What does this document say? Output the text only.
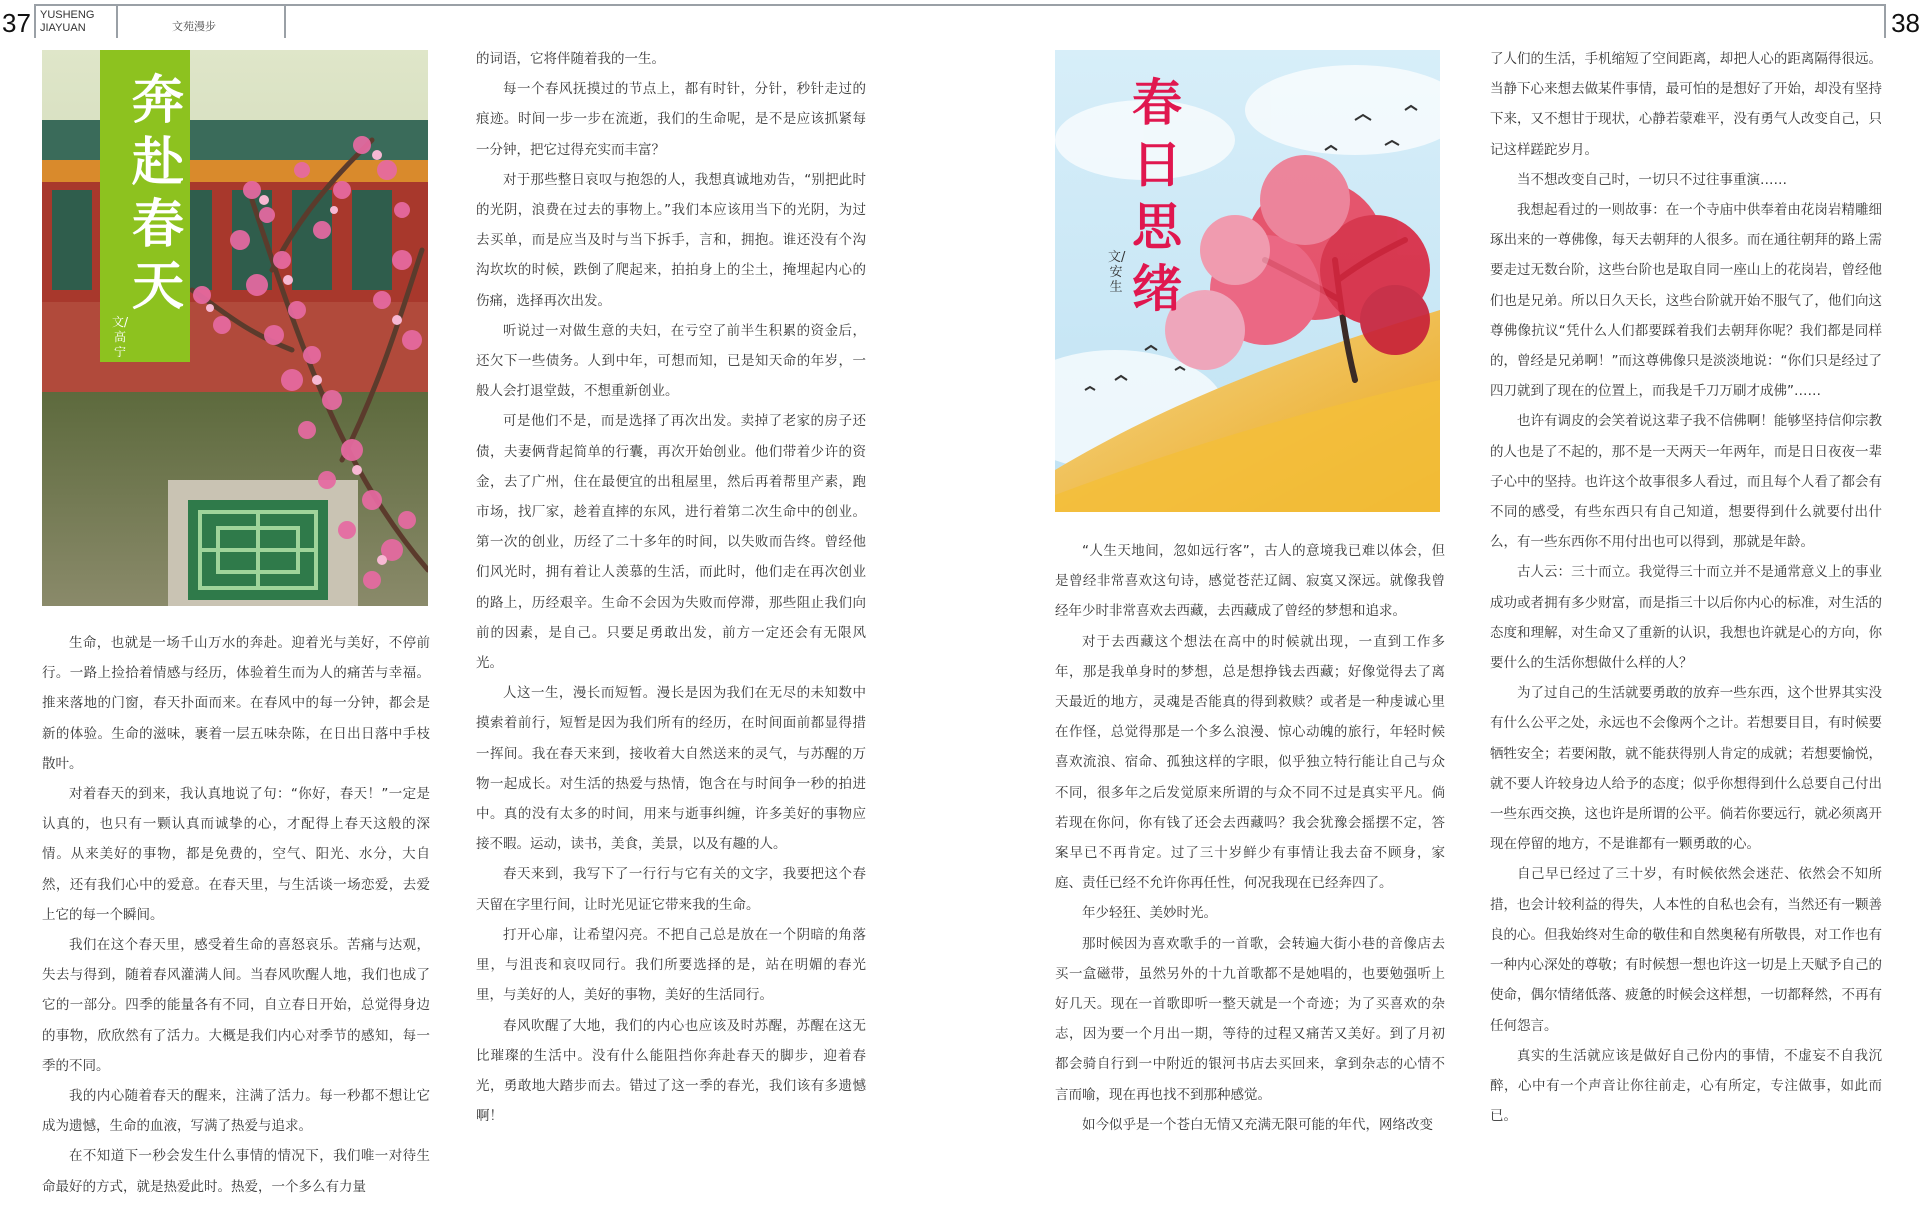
37 YUSHENG
JIAYUAN	文苑漫步	38
奔
赴
春
天
文/高宁

生命，也就是一场千山万水的奔赴。迎着光与美好，不停前行。一路上捡拾着情感与经历，体验着生而为人的痛苦与幸福。推来落地的门窗，春天扑面而来。在春风中的每一分钟，都会是新的体验。生命的滋味，裹着一层五味杂陈，在日出日落中手枝散叶。

对着春天的到来，我认真地说了句：“你好，春天！”一定是认真的，也只有一颗认真而诚挚的心，才配得上春天这般的深情。从来美好的事物，都是免费的，空气、阳光、水分，大自然，还有我们心中的爱意。在春天里，与生活谈一场恋爱，去爱上它的每一个瞬间。

我们在这个春天里，感受着生命的喜怒哀乐。苦痛与达观，失去与得到，随着春风灌满人间。当春风吹醒人地，我们也成了它的一部分。四季的能量各有不同，自立春日开始，总觉得身边的事物，欣欣然有了活力。大概是我们内心对季节的感知，每一季的不同。

我的内心随着春天的醒来，注满了活力。每一秒都不想让它成为遗憾，生命的血液，写满了热爱与追求。

在不知道下一秒会发生什么事情的情况下，我们唯一对待生命最好的方式，就是热爱此时。热爱，一个多么有力量

的词语，它将伴随着我的一生。

每一个春风抚摸过的节点上，都有时针，分针，秒针走过的痕迹。时间一步一步在流逝，我们的生命呢，是不是应该抓紧每一分钟，把它过得充实而丰富？

对于那些整日哀叹与抱怨的人，我想真诚地劝告，“别把此时的光阴，浪费在过去的事物上。”我们本应该用当下的光阴，为过去买单，而是应当及时与当下拆手，言和，拥抱。谁还没有个沟沟坎坎的时候，跌倒了爬起来，拍拍身上的尘土，掩埋起内心的伤痛，选择再次出发。

听说过一对做生意的夫妇，在亏空了前半生积累的资金后，还欠下一些债务。人到中年，可想而知，已是知天命的年岁，一般人会打退堂鼓，不想重新创业。

可是他们不是，而是选择了再次出发。卖掉了老家的房子还债，夫妻俩背起简单的行囊，再次开始创业。他们带着少许的资金，去了广州，住在最便宜的出租屋里，然后再着帮里产素，跑市场，找厂家，趁着直摔的东风，进行着第二次生命中的创业。第一次的创业，历经了二十多年的时间，以失败而告终。曾经他们风光时，拥有着让人羡慕的生活，而此时，他们走在再次创业的路上，历经艰辛。生命不会因为失败而停滞，那些阻止我们向前的因素，是自己。只要足勇敢出发，前方一定还会有无限风光。

人这一生，漫长而短暂。漫长是因为我们在无尽的未知数中摸索着前行，短暂是因为我们所有的经历，在时间面前都显得措一挥间。我在春天来到，接收着大自然送来的灵气，与苏醒的万物一起成长。对生活的热爱与热情，饱含在与时间争一秒的拍进中。真的没有太多的时间，用来与逝事纠缠，许多美好的事物应接不暇。运动，读书，美食，美景，以及有趣的人。

春天来到，我写下了一行行与它有关的文字，我要把这个春天留在字里行间，让时光见证它带来我的生命。

打开心扉，让希望闪亮。不把自己总是放在一个阴暗的角落里，与沮丧和哀叹同行。我们所要选择的是，站在明媚的春光里，与美好的人，美好的事物，美好的生活同行。

春风吹醒了大地，我们的内心也应该及时苏醒，苏醒在这无比璀璨的生活中。没有什么能阻挡你奔赴春天的脚步，迎着春光，勇敢地大踏步而去。错过了这一季的春光，我们该有多遗憾啊！

春
日
思
绪
文/安生

“人生天地间，忽如远行客”，古人的意境我已难以体会，但是曾经非常喜欢这句诗，感觉苍茫辽阔、寂寞又深远。就像我曾经年少时非常喜欢去西藏，去西藏成了曾经的梦想和追求。

对于去西藏这个想法在高中的时候就出现，一直到工作多年，那是我单身时的梦想，总是想挣钱去西藏；好像觉得去了离天最近的地方，灵魂是否能真的得到救赎？或者是一种虔诚心里在作怪，总觉得那是一个多么浪漫、惊心动魄的旅行，年轻时候喜欢流浪、宿命、孤独这样的字眼，似乎独立特行能让自己与众不同，很多年之后发觉原来所谓的与众不同不过是真实平凡。倘若现在你问，你有钱了还会去西藏吗？我会犹豫会摇摆不定，答案早已不再肯定。过了三十岁鲜少有事情让我去奋不顾身，家庭、责任已经不允许你再任性，何况我现在已经奔四了。

年少轻狂、美妙时光。

那时候因为喜欢歌手的一首歌，会转遍大街小巷的音像店去买一盒磁带，虽然另外的十九首歌都不是她唱的，也要勉强听上好几天。现在一首歌即听一整天就是一个奇迹；为了买喜欢的杂志，因为要一个月出一期，等待的过程又痛苦又美好。到了月初都会骑自行到一中附近的银河书店去买回来，拿到杂志的心情不言而喻，现在再也找不到那种感觉。

如今似乎是一个苍白无情又充满无限可能的年代，网络改变

了人们的生活，手机缩短了空间距离，却把人心的距离隔得很远。当静下心来想去做某件事情，最可怕的是想好了开始，却没有坚持下来，又不想甘于现状，心静若蒙难平，没有勇气人改变自己，只记这样蹉跎岁月。

当不想改变自己时，一切只不过往事重演……

我想起看过的一则故事：在一个寺庙中供奉着由花岗岩精雕细琢出来的一尊佛像，每天去朝拜的人很多。而在通往朝拜的路上需要走过无数台阶，这些台阶也是取自同一座山上的花岗岩，曾经他们也是兄弟。所以日久天长，这些台阶就开始不服气了，他们向这尊佛像抗议“凭什么人们都要踩着我们去朝拜你呢？我们都是同样的，曾经是兄弟啊！”而这尊佛像只是淡淡地说：“你们只是经过了四刀就到了现在的位置上，而我是千刀万刷才成佛”……

也许有调皮的会笑着说这辈子我不信佛啊！能够坚持信仰宗教的人也是了不起的，那不是一天两天一年两年，而是日日夜夜一辈子心中的坚持。也许这个故事很多人看过，而且每个人看了都会有不同的感受，有些东西只有自己知道，想要得到什么就要付出什么，有一些东西你不用付出也可以得到，那就是年龄。

古人云：三十而立。我觉得三十而立并不是通常意义上的事业成功或者拥有多少财富，而是指三十以后你内心的标准，对生活的态度和理解，对生命又了重新的认识，我想也许就是心的方向，你要什么的生活你想做什么样的人？

为了过自己的生活就要勇敢的放弃一些东西，这个世界其实没有什么公平之处，永远也不会像两个之计。若想要目目，有时候要牺牲安全；若要闲散，就不能获得别人肯定的成就；若想要愉悦，就不要人许较身边人给予的态度；似乎你想得到什么总要自己付出一些东西交换，这也许是所谓的公平。倘若你要远行，就必须离开现在停留的地方，不是谁都有一颗勇敢的心。

自己早已经过了三十岁，有时候依然会迷茫、依然会不知所措，也会计较利益的得失，人本性的自私也会有，当然还有一颗善良的心。但我始终对生命的敬佳和自然奥秘有所敬畏，对工作也有一种内心深处的尊敬；有时候想一想也许这一切是上天赋予自己的使命，偶尔情绪低落、疲惫的时候会这样想，一切都释然，不再有任何怨言。

真实的生活就应该是做好自己份内的事情，不虚妄不自我沉醉，心中有一个声音让你往前走，心有所定，专注做事，如此而已。
